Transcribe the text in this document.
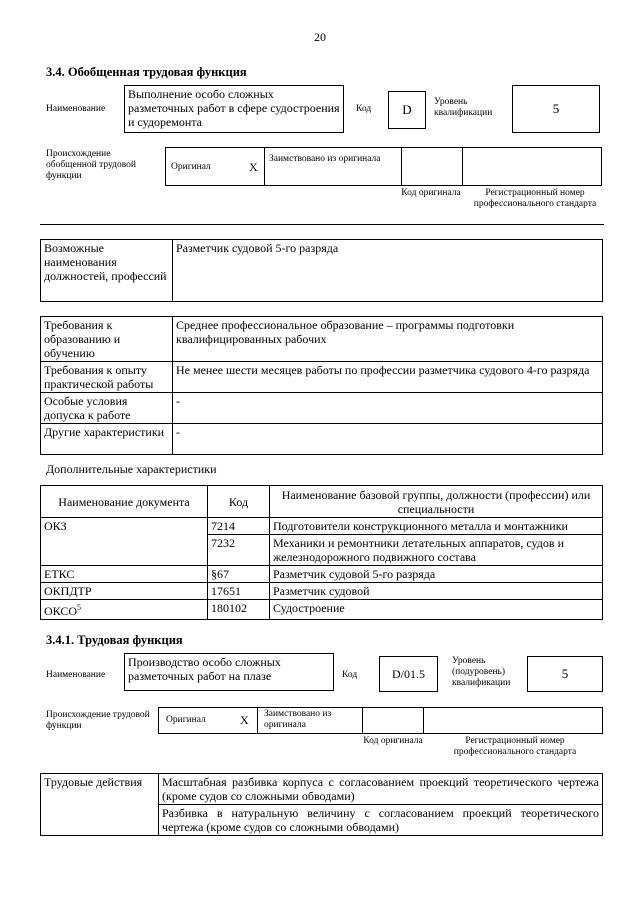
20
3.4. Обобщенная трудовая функция
Наименование
Выполнение особо сложных разметочных работ в сфере судостроения и судоремонта
Код	D	Уровень квалификации	5
Происхождение обобщенной трудовой функции
Оригинал	X
Заимствовано из оригинала
Код оригинала	Регистрационный номер профессионального стандарта
Возможные наименования должностей, профессий	Разметчик судовой 5-го разряда
Требования к образованию и обучению	Среднее профессиональное образование – программы подготовки квалифицированных рабочих
Требования к опыту практической работы	Не менее шести месяцев работы по профессии разметчика судового 4-го разряда
Особые условия допуска к работе	-
Другие характеристики	-
Дополнительные характеристики
Наименование документа	Код	Наименование базовой группы, должности (профессии) или специальности
ОКЗ	7214	Подготовители конструкционного металла и монтажники
	7232	Механики и ремонтники летательных аппаратов, судов и железнодорожного подвижного состава
ЕТКС	§67	Разметчик судовой 5-го разряда
ОКПДТР	17651	Разметчик судовой
ОКСО$^5$	180102	Судостроение
3.4.1. Трудовая функция
Наименование
Производство особо сложных разметочных работ на плазе	Код	D/01.5
Уровень (подуровень) квалификации
5
Происхождение трудовой функции
Оригинал	X Заимствовано из оригинала
Код оригинала	Регистрационный номер профессионального стандарта
Трудовые действия	Масштабная разбивка корпуса с согласованием проекций теоретического чертежа (кроме судов со сложными обводами)
Разбивка в натуральную величину с согласованием проекций теоретического чертежа (кроме судов со сложными обводами)
